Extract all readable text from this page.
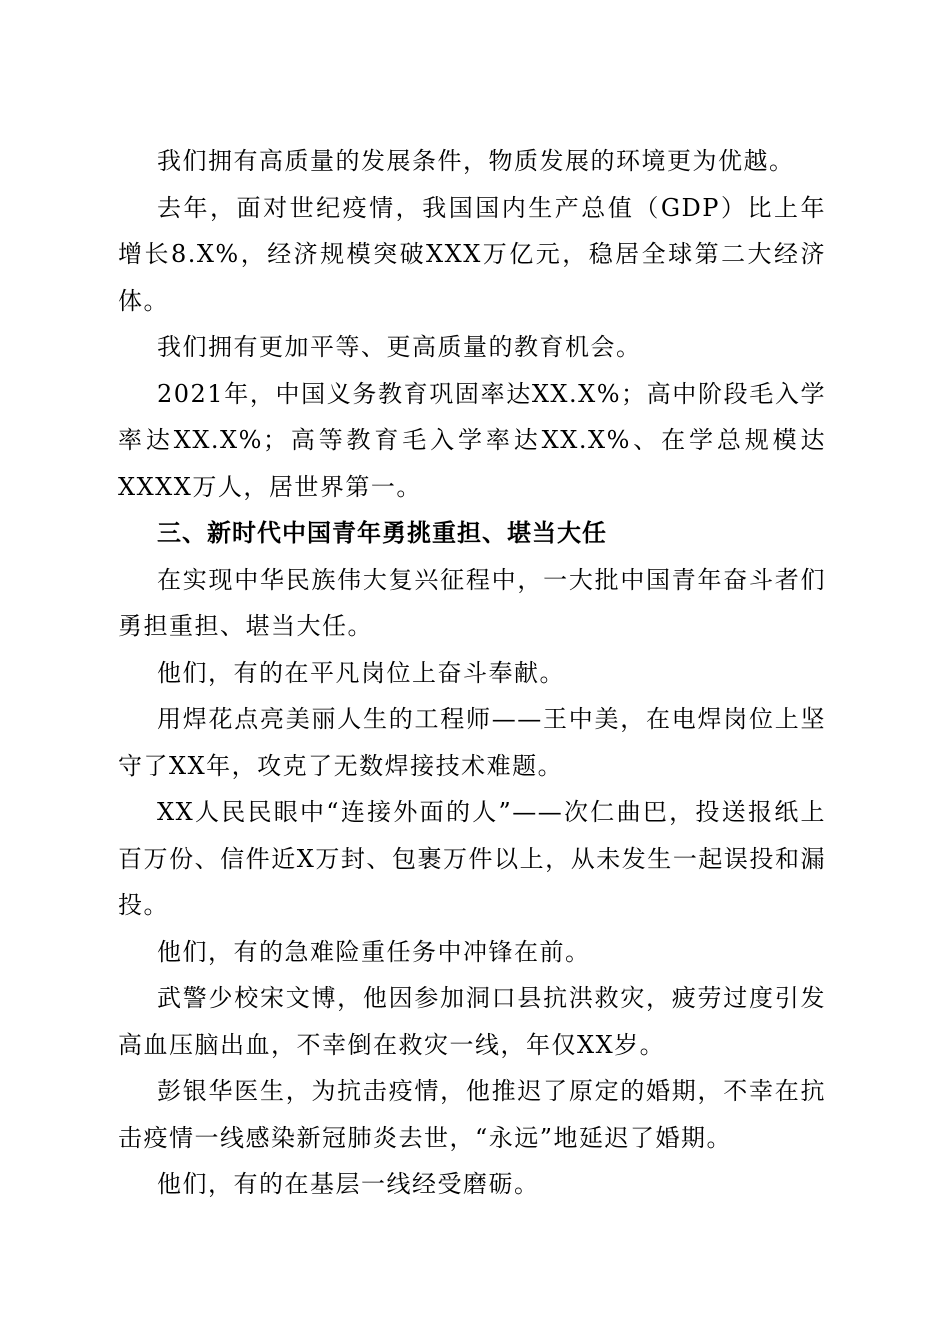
我们拥有高质量的发展条件，物质发展的环境更为优越。

去年，面对世纪疫情，我国国内生产总值（GDP）比上年增长8.X%，经济规模突破XXX万亿元，稳居全球第二大经济体。

我们拥有更加平等、更高质量的教育机会。

2021年，中国义务教育巩固率达XX.X%；高中阶段毛入学率达XX.X%；高等教育毛入学率达XX.X%、在学总规模达XXXX万人，居世界第一。

三、新时代中国青年勇挑重担、堪当大任

在实现中华民族伟大复兴征程中，一大批中国青年奋斗者们勇担重担、堪当大任。

他们，有的在平凡岗位上奋斗奉献。

用焊花点亮美丽人生的工程师——王中美，在电焊岗位上坚守了XX年，攻克了无数焊接技术难题。

XX人民民眼中“连接外面的人”——次仁曲巴，投送报纸上百万份、信件近X万封、包裹万件以上，从未发生一起误投和漏投。

他们，有的急难险重任务中冲锋在前。

武警少校宋文博，他因参加洞口县抗洪救灾，疲劳过度引发高血压脑出血，不幸倒在救灾一线，年仅XX岁。

彭银华医生，为抗击疫情，他推迟了原定的婚期，不幸在抗击疫情一线感染新冠肺炎去世，“永远”地延迟了婚期。

他们，有的在基层一线经受磨砺。
